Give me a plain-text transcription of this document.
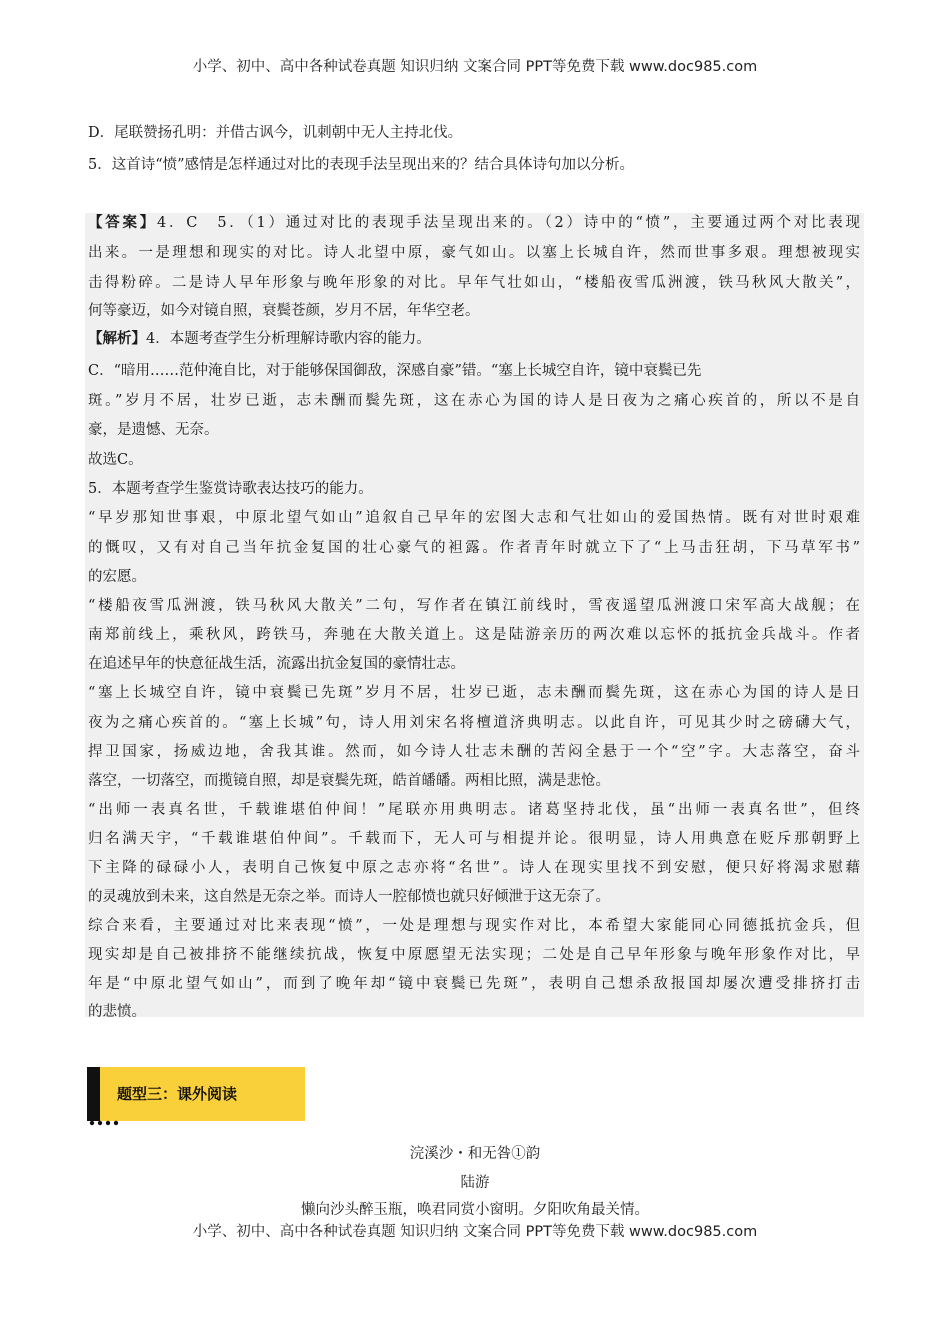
小学、初中、高中各种试卷真题 知识归纳 文案合同 PPT等免费下载 www.doc985.com
D．尾联赞扬孔明：并借古讽今，讥刺朝中无人主持北伐。
5．这首诗“愤”感情是怎样通过对比的表现手法呈现出来的？结合具体诗句加以分析。
【答案】4．C　5．（1）通过对比的表现手法呈现出来的。（2）诗中的“愤”，主要通过两个对比表现
出来。一是理想和现实的对比。诗人北望中原，豪气如山。以塞上长城自许，然而世事多艰。理想被现实
击得粉碎。二是诗人早年形象与晚年形象的对比。早年气壮如山，“楼船夜雪瓜洲渡，铁马秋风大散关”，
何等豪迈，如今对镜自照，衰鬓苍颜，岁月不居，年华空老。
【解析】4．本题考查学生分析理解诗歌内容的能力。
C．“暗用……范仲淹自比，对于能够保国御敌，深感自豪”错。“塞上长城空自许，镜中衰鬓已先
斑。”岁月不居，壮岁已逝，志未酬而鬓先斑，这在赤心为国的诗人是日夜为之痛心疾首的，所以不是自
豪，是遗憾、无奈。
故选C。
5．本题考查学生鉴赏诗歌表达技巧的能力。
“早岁那知世事艰，中原北望气如山”追叙自己早年的宏图大志和气壮如山的爱国热情。既有对世时艰难
的慨叹，又有对自己当年抗金复国的壮心豪气的袒露。作者青年时就立下了“上马击狂胡，下马草军书”
的宏愿。
“楼船夜雪瓜洲渡，铁马秋风大散关”二句，写作者在镇江前线时，雪夜遥望瓜洲渡口宋军高大战舰；在
南郑前线上，乘秋风，跨铁马，奔驰在大散关道上。这是陆游亲历的两次难以忘怀的抵抗金兵战斗。作者
在追述早年的快意征战生活，流露出抗金复国的豪情壮志。
“塞上长城空自许，镜中衰鬓已先斑”岁月不居，壮岁已逝，志未酬而鬓先斑，这在赤心为国的诗人是日
夜为之痛心疾首的。“塞上长城”句，诗人用刘宋名将檀道济典明志。以此自许，可见其少时之磅礴大气，
捍卫国家，扬威边地，舍我其谁。然而，如今诗人壮志未酬的苦闷全悬于一个“空”字。大志落空，奋斗
落空，一切落空，而揽镜自照，却是衰鬓先斑，皓首皤皤。两相比照，满是悲怆。
“出师一表真名世，千载谁堪伯仲间！”尾联亦用典明志。诸葛坚持北伐，虽“出师一表真名世”，但终
归名满天宇，“千载谁堪伯仲间”。千载而下，无人可与相提并论。很明显，诗人用典意在贬斥那朝野上
下主降的碌碌小人，表明自己恢复中原之志亦将“名世”。诗人在现实里找不到安慰，便只好将渴求慰藉
的灵魂放到未来，这自然是无奈之举。而诗人一腔郁愤也就只好倾泄于这无奈了。
综合来看，主要通过对比来表现“愤”，一处是理想与现实作对比，本希望大家能同心同德抵抗金兵，但
现实却是自己被排挤不能继续抗战，恢复中原愿望无法实现；二处是自己早年形象与晚年形象作对比，早
年是“中原北望气如山”，而到了晚年却“镜中衰鬓已先斑”，表明自己想杀敌报国却屡次遭受排挤打击
的悲愤。
题型三：课外阅读
浣溪沙・和无咎①韵
陆游
懒向沙头醉玉瓶，唤君同赏小窗明。夕阳吹角最关情。
小学、初中、高中各种试卷真题 知识归纳 文案合同 PPT等免费下载 www.doc985.com
